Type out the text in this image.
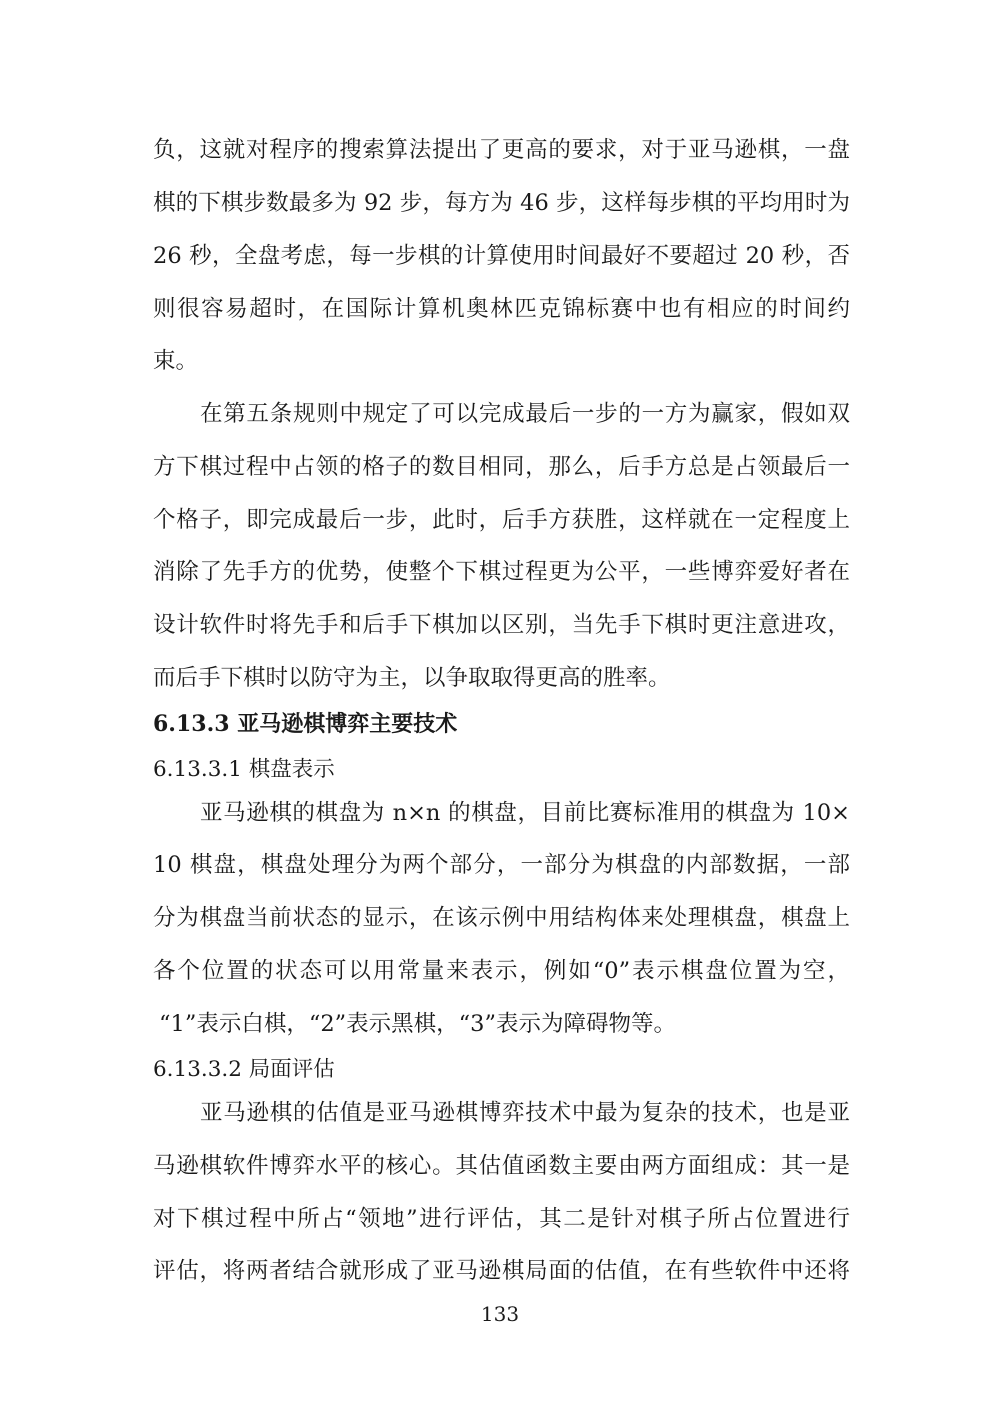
负，这就对程序的搜索算法提出了更高的要求，对于亚马逊棋，一盘
棋的下棋步数最多为 92 步，每方为 46 步，这样每步棋的平均用时为
26 秒，全盘考虑，每一步棋的计算使用时间最好不要超过 20 秒，否
则很容易超时，在国际计算机奥林匹克锦标赛中也有相应的时间约
束。
在第五条规则中规定了可以完成最后一步的一方为赢家，假如双
方下棋过程中占领的格子的数目相同，那么，后手方总是占领最后一
个格子，即完成最后一步，此时，后手方获胜，这样就在一定程度上
消除了先手方的优势，使整个下棋过程更为公平，一些博弈爱好者在
设计软件时将先手和后手下棋加以区别，当先手下棋时更注意进攻，
而后手下棋时以防守为主，以争取取得更高的胜率。
6.13.3 亚马逊棋博弈主要技术
6.13.3.1 棋盘表示
亚马逊棋的棋盘为 n×n 的棋盘，目前比赛标准用的棋盘为 10×
10 棋盘，棋盘处理分为两个部分，一部分为棋盘的内部数据，一部
分为棋盘当前状态的显示，在该示例中用结构体来处理棋盘，棋盘上
各个位置的状态可以用常量来表示，例如“0”表示棋盘位置为空，
“1”表示白棋，“2”表示黑棋，“3”表示为障碍物等。
6.13.3.2 局面评估
亚马逊棋的估值是亚马逊棋博弈技术中最为复杂的技术，也是亚
马逊棋软件博弈水平的核心。其估值函数主要由两方面组成：其一是
对下棋过程中所占“领地”进行评估，其二是针对棋子所占位置进行
133
评估，将两者结合就形成了亚马逊棋局面的估值，在有些软件中还将
